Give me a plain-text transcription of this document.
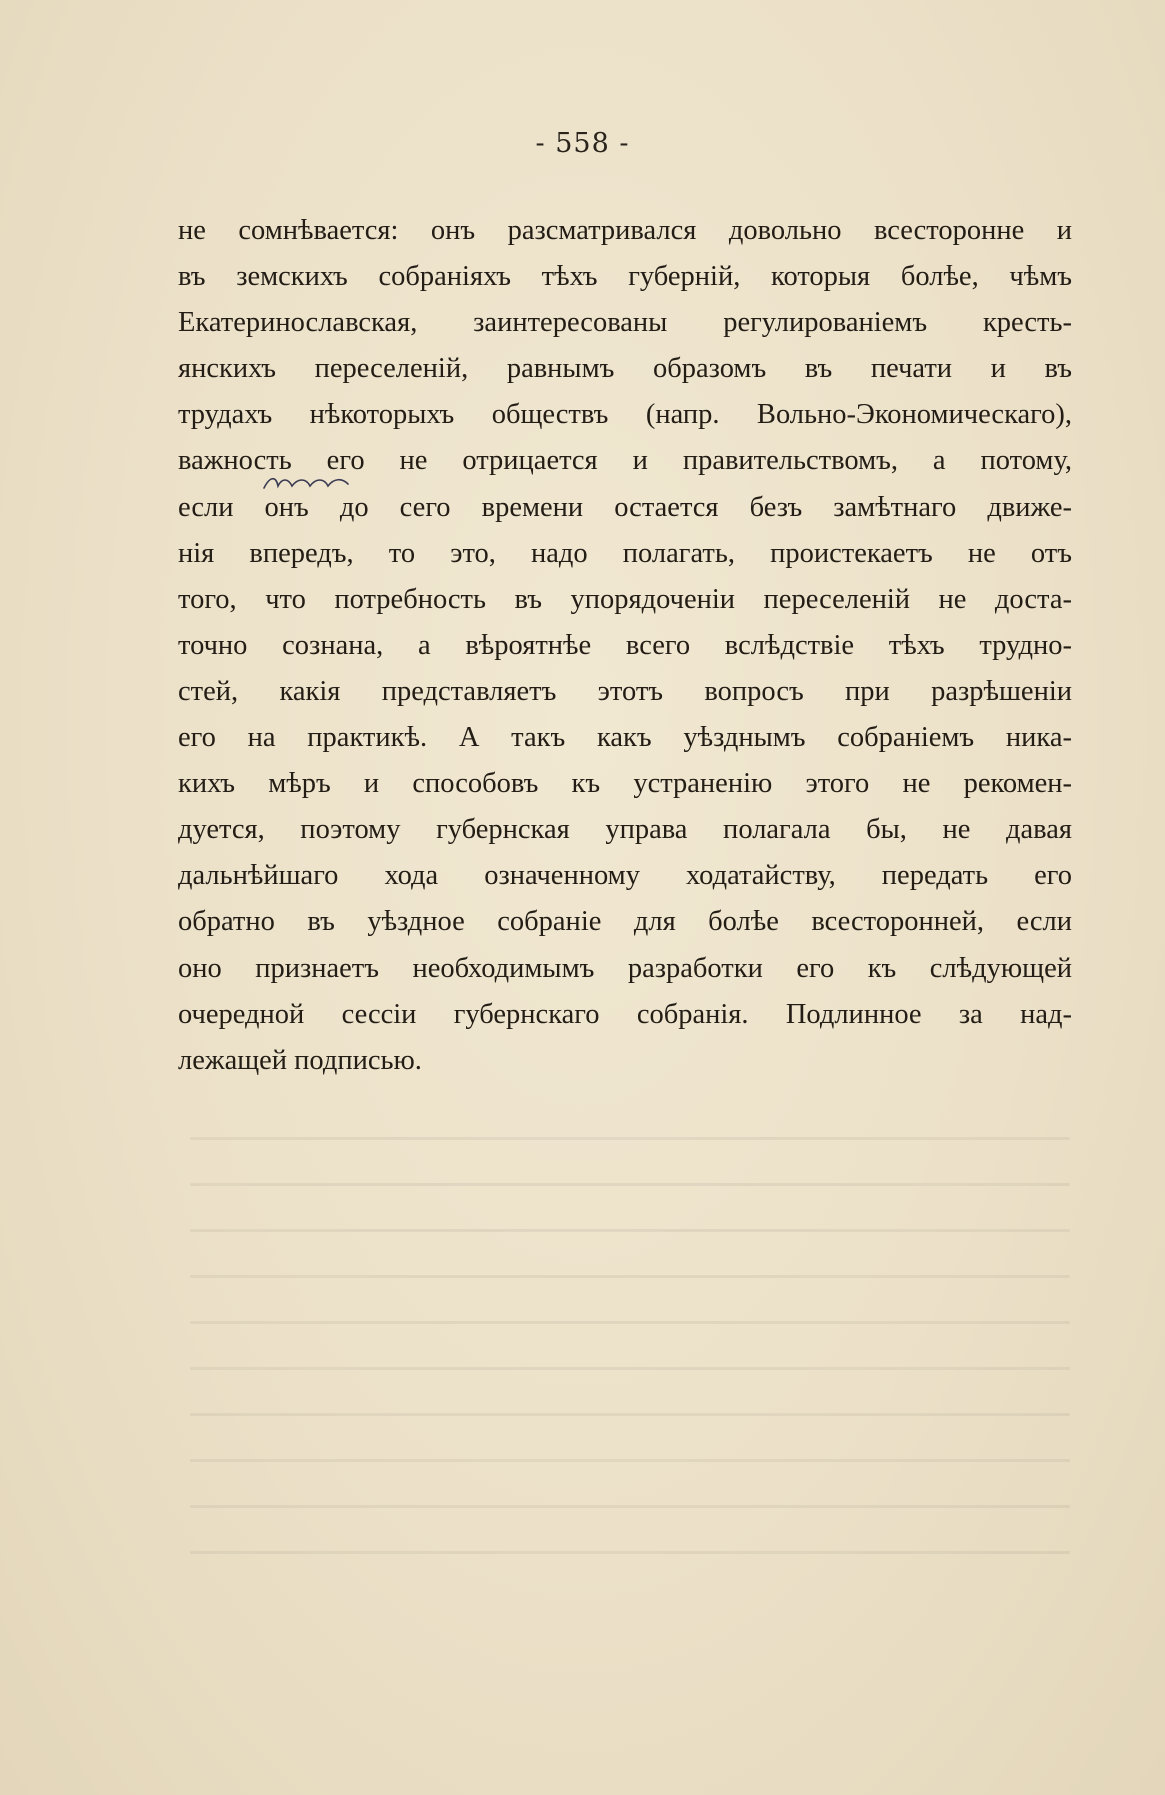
- 558 -
не сомнѣвается: онъ разсматривался довольно всесторонне и
въ земскихъ собраніяхъ тѣхъ губерній, которыя болѣе, чѣмъ
Екатеринославская, заинтересованы регулированіемъ кресть-
янскихъ переселеній, равнымъ образомъ въ печати и въ
трудахъ нѣкоторыхъ обществъ (напр. Вольно-Экономическаго),
важность его не отрицается и правительствомъ, а потому,
если онъ до сего времени остается безъ замѣтнаго движе-
нія впередъ, то это, надо полагать, проистекаетъ не отъ
того, что потребность въ упорядоченіи переселеній не доста-
точно сознана, а вѣроятнѣе всего вслѣдствіе тѣхъ трудно-
стей, какія представляетъ этотъ вопросъ при разрѣшеніи
его на практикѣ. А такъ какъ уѣзднымъ собраніемъ ника-
кихъ мѣръ и способовъ къ устраненію этого не рекомен-
дуется, поэтому губернская управа полагала бы, не давая
дальнѣйшаго хода означенному ходатайству, передать его
обратно въ уѣздное собраніе для болѣе всесторонней, если
оно признаетъ необходимымъ разработки его къ слѣдующей
очередной сессіи губернскаго собранія. Подлинное за над-
лежащей подписью.
